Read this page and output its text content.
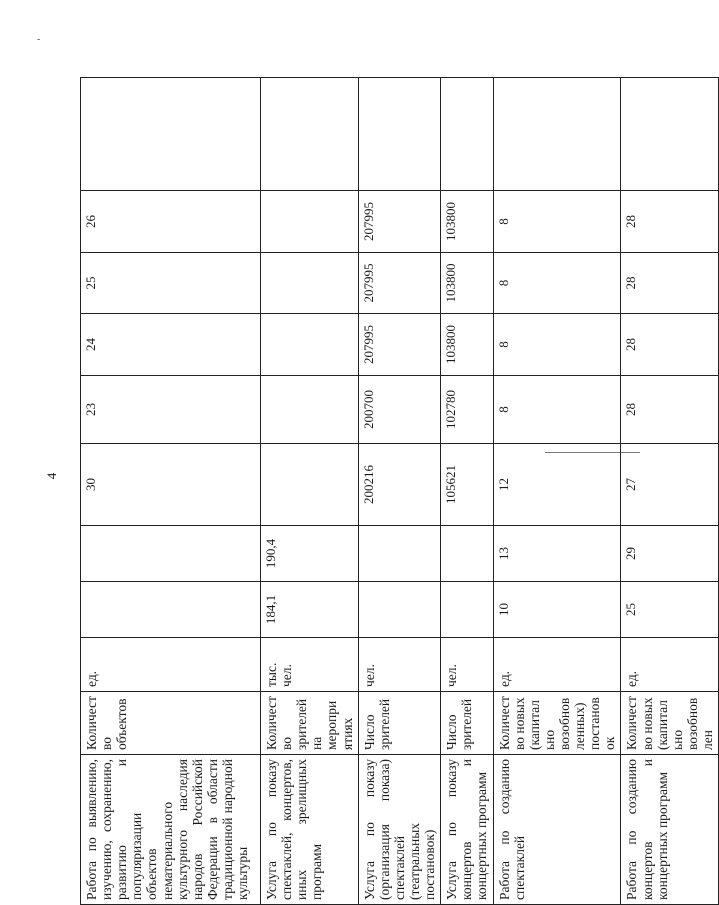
-
4
Работа по выявлению, изучению, сохранению, развитию и популяризации объектов нематериального культурного наследия народов Российской Федерации в области традиционной народной культуры	Количество объектов	ед.			30	23	24	25	26	
Услуга по показу спектаклей, концертов, иных зрелищных программ	Количество зрителей на мероприятиях	тыс. чел.	184,1	190,4						
Услуга по показу (организация показа) спектаклей (театральных постановок)	Число зрителей	чел.			200216	200700	207995	207995	207995	
Услуга по показу концертов и концертных программ	Число зрителей	чел.			105621	102780	103800	103800	103800	
Работа по созданию спектаклей	Количество новых (капитально возобновленных) постановок	ед.	10	13	12	8	8	8	8	
Работа по созданию концертов и концертных программ	Количество новых (капитально возобновлен	ед.	25	29	27	28	28	28	28	
